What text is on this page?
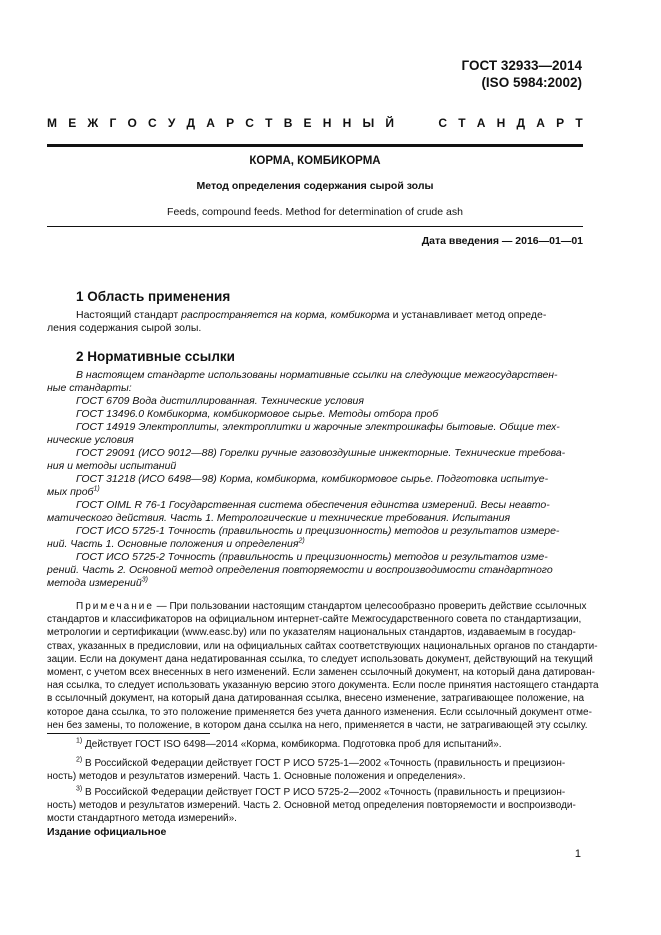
ГОСТ 32933—2014
(ISO 5984:2002)
М Е Ж Г О С У Д А Р С Т В Е Н Н Ы Й	С Т А Н Д А Р Т
КОРМА, КОМБИКОРМА
Метод определения содержания сырой золы
Feeds, compound feeds. Method for determination of crude ash
Дата введения — 2016—01—01
1 Область применения
Настоящий стандарт распространяется на корма, комбикорма и устанавливает метод опреде-
ления содержания сырой золы.
2 Нормативные ссылки
В настоящем стандарте использованы нормативные ссылки на следующие межгосударствен-
ные стандарты:
ГОСТ 6709 Вода дистиллированная. Технические условия
ГОСТ 13496.0 Комбикорма, комбикормовое сырье. Методы отбора проб
ГОСТ 14919 Электроплиты, электроплитки и жарочные электрошкафы бытовые. Общие тех-
нические условия
ГОСТ 29091 (ИСО 9012—88) Горелки ручные газовоздушные инжекторные. Технические требова-
ния и методы испытаний
ГОСТ 31218 (ИСО 6498—98) Корма, комбикорма, комбикормовое сырье. Подготовка испытуе-
мых проб$^{1)}$
ГОСТ OIML R 76-1 Государственная система обеспечения единства измерений. Весы неавто-
матического действия. Часть 1. Метрологические и технические требования. Испытания
ГОСТ ИСО 5725-1 Точность (правильность и прецизионность) методов и результатов измере-
ний. Часть 1. Основные положения и определения$^{2)}$
ГОСТ ИСО 5725-2 Точность (правильность и прецизионность) методов и результатов изме-
рений. Часть 2. Основной метод определения повторяемости и воспроизводимости стандартного
метода измерений$^{3)}$
Примечание — При пользовании настоящим стандартом целесообразно проверить действие ссылочных
стандартов и классификаторов на официальном интернет-сайте Межгосударственного совета по стандартизации,
метрологии и сертификации (www.easc.by) или по указателям национальных стандартов, издаваемым в государ-
ствах, указанных в предисловии, или на официальных сайтах соответствующих национальных органов по стандарти-
зации. Если на документ дана недатированная ссылка, то следует использовать документ, действующий на текущий
момент, с учетом всех внесенных в него изменений. Если заменен ссылочный документ, на который дана датирован-
ная ссылка, то следует использовать указанную версию этого документа. Если после принятия настоящего стандарта
в ссылочный документ, на который дана датированная ссылка, внесено изменение, затрагивающее положение, на
которое дана ссылка, то это положение применяется без учета данного изменения. Если ссылочный документ отме-
нен без замены, то положение, в котором дана ссылка на него, применяется в части, не затрагивающей эту ссылку.
$^{1)}$ Действует ГОСТ ISO 6498—2014 «Корма, комбикорма. Подготовка проб для испытаний».
$^{2)}$ В Российской Федерации действует ГОСТ Р ИСО 5725-1—2002 «Точность (правильность и прецизион-
ность) методов и результатов измерений. Часть 1. Основные положения и определения».
$^{3)}$ В Российской Федерации действует ГОСТ Р ИСО 5725-2—2002 «Точность (правильность и прецизион-
ность) методов и результатов измерений. Часть 2. Основной метод определения повторяемости и воспроизводи-
мости стандартного метода измерений».
Издание официальное
1
